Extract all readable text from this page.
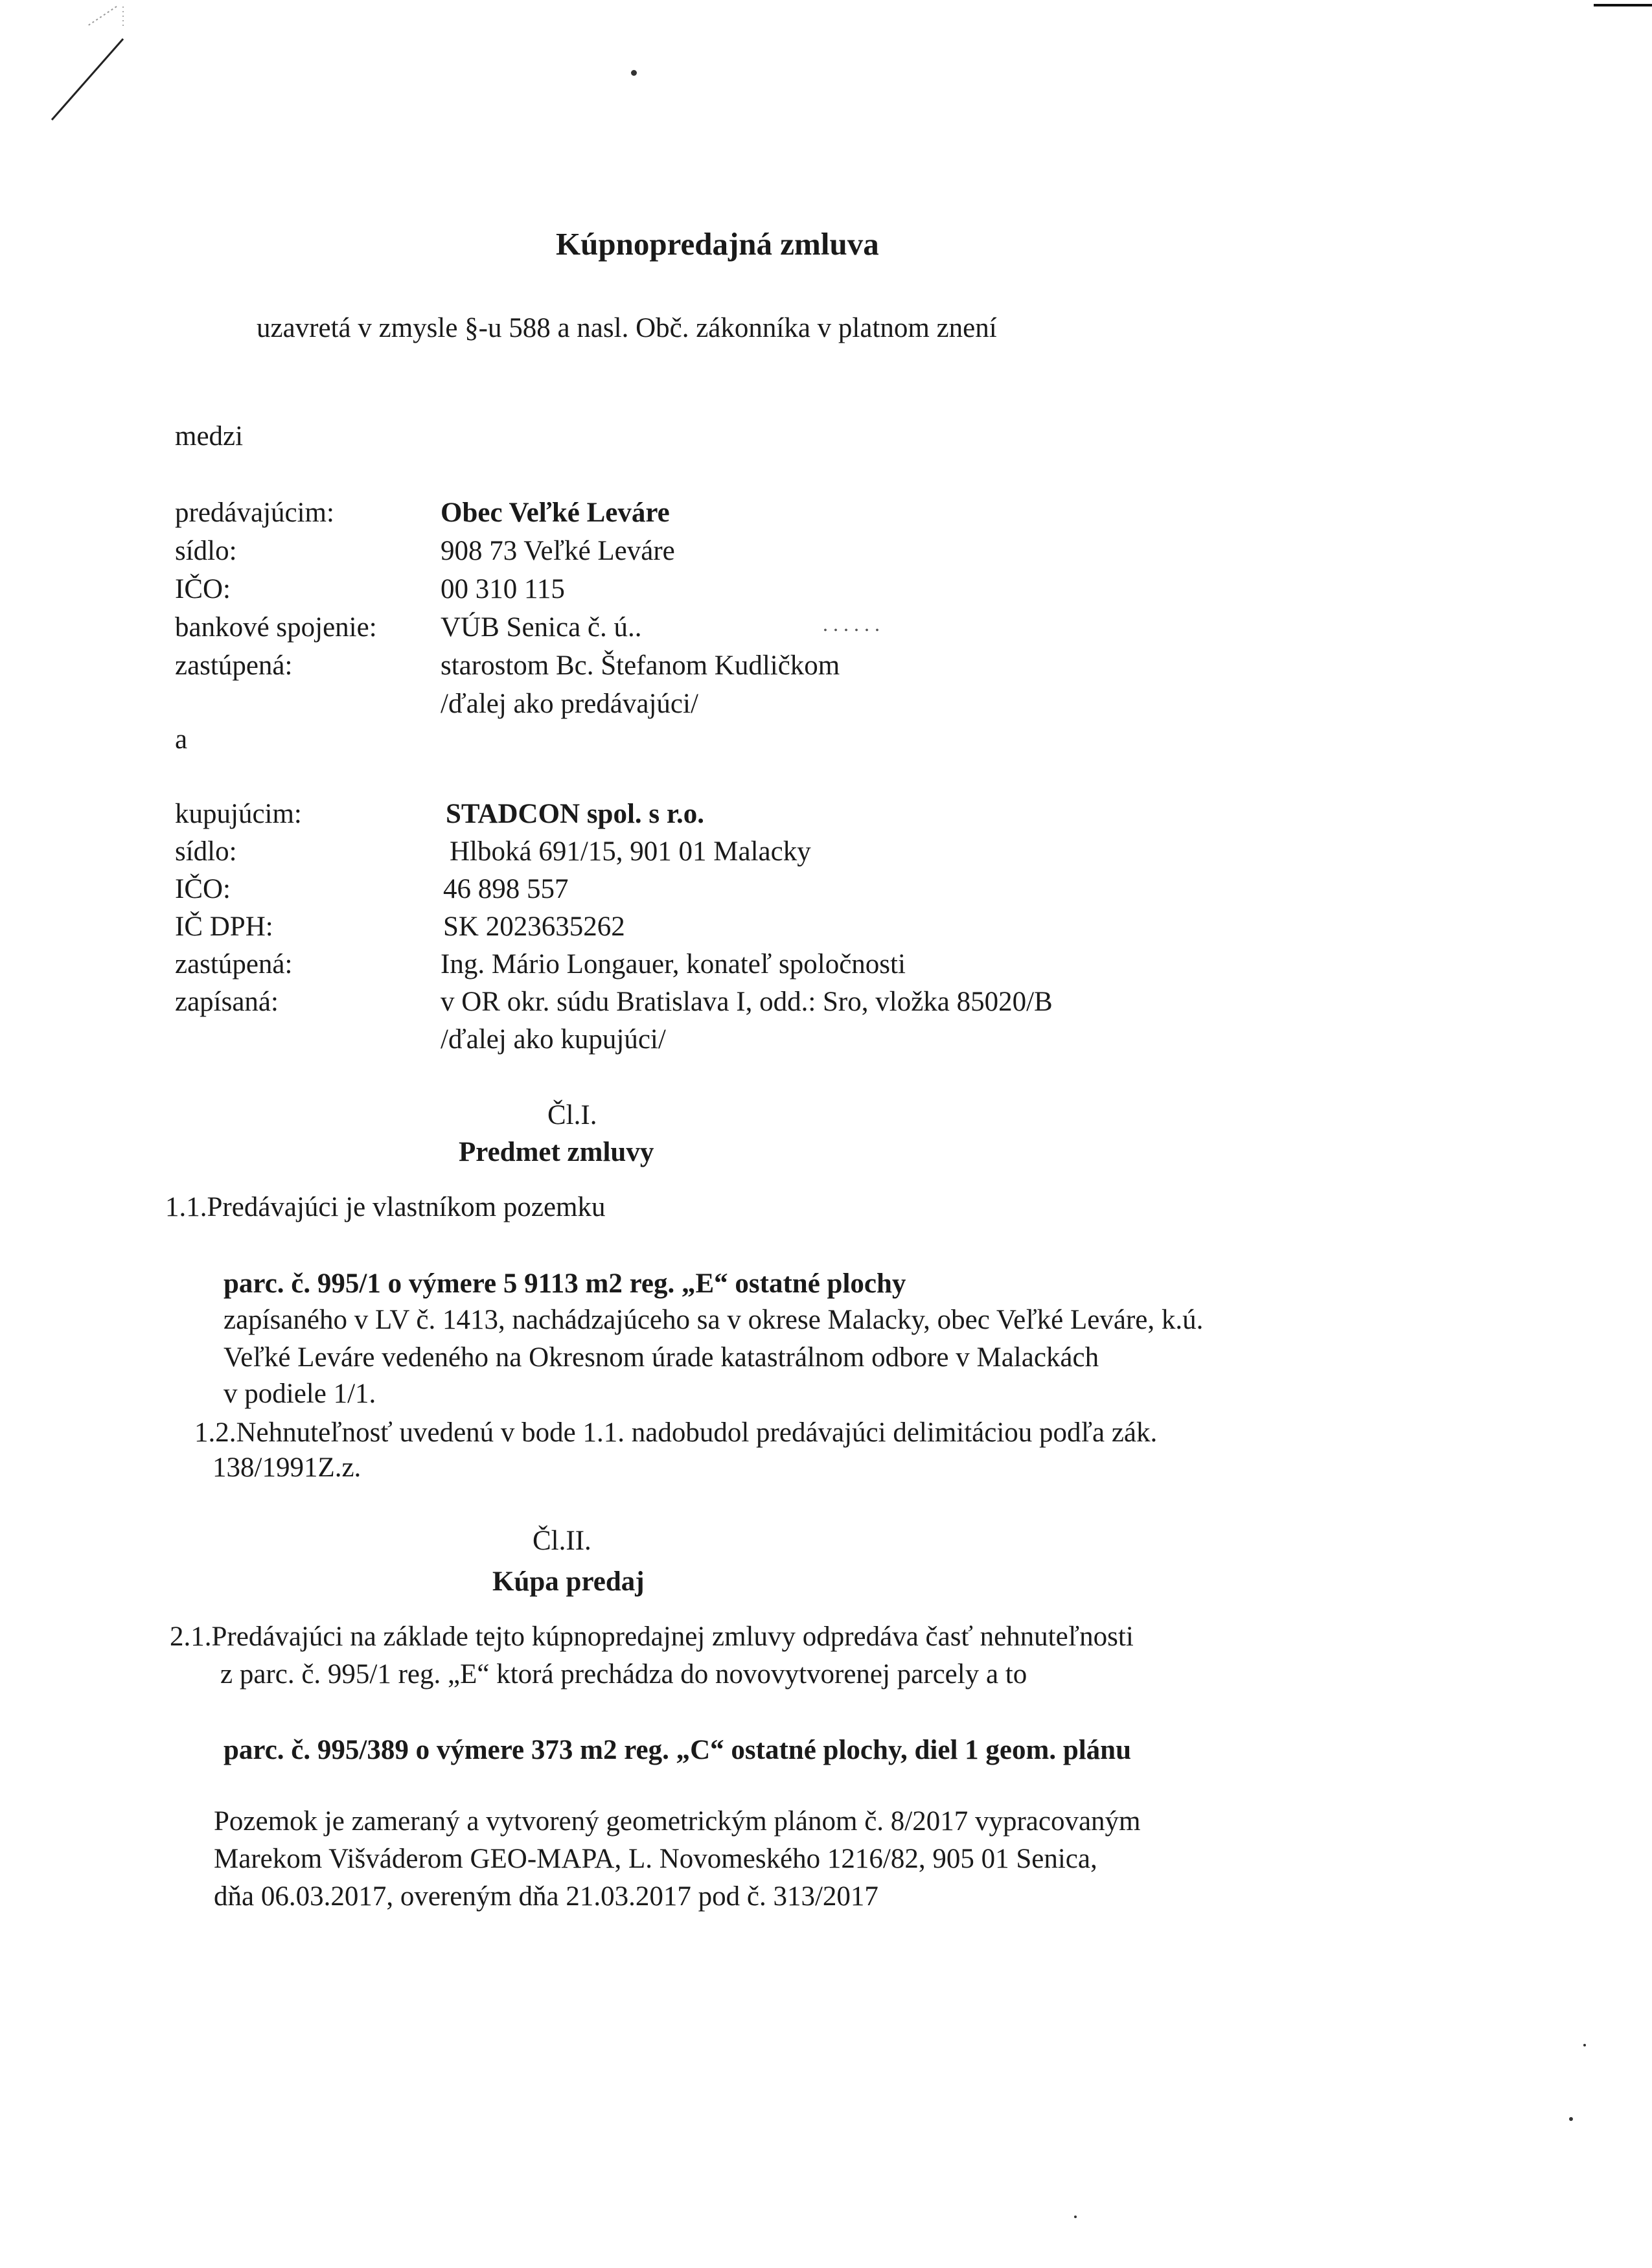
Kúpnopredajná zmluva
uzavretá v zmysle §-u 588 a nasl. Obč. zákonníka v platnom znení
medzi
predávajúcim:	Obec Veľké Leváre
sídlo:	908 73 Veľké Leváre
IČO:	00 310 115
bankové spojenie: VÚB Senica č. ú..	. . . . . .
zastúpená:	starostom Bc. Štefanom Kudličkom
/ďalej ako predávajúci/
a
kupujúcim:	STADCON spol. s r.o.
sídlo:	Hlboká 691/15, 901 01 Malacky
IČO:	46 898 557
IČ DPH:	SK 2023635262
zastúpená:	Ing. Mário Longauer, konateľ spoločnosti
zapísaná:	v OR okr. súdu Bratislava I, odd.: Sro, vložka 85020/B
/ďalej ako kupujúci/
Čl.I.
Predmet zmluvy
1.1.Predávajúci je vlastníkom pozemku
parc. č. 995/1 o výmere 5 9113 m2 reg. „E“ ostatné plochy
zapísaného v LV č. 1413, nachádzajúceho sa v okrese Malacky, obec Veľké Leváre, k.ú.
Veľké Leváre vedeného na Okresnom úrade katastrálnom odbore v Malackách
v podiele 1/1.
1.2.Nehnuteľnosť uvedenú v bode 1.1. nadobudol predávajúci delimitáciou podľa zák.
138/1991Z.z.
Čl.II.
Kúpa predaj
2.1.Predávajúci na základe tejto kúpnopredajnej zmluvy odpredáva časť nehnuteľnosti
z parc. č. 995/1 reg. „E“ ktorá prechádza do novovytvorenej parcely a to
parc. č. 995/389 o výmere 373 m2 reg. „C“ ostatné plochy, diel 1 geom. plánu
Pozemok je zameraný a vytvorený geometrickým plánom č. 8/2017 vypracovaným
Marekom Višváderom GEO-MAPA, L. Novomeského 1216/82, 905 01 Senica,
dňa 06.03.2017, overeným dňa 21.03.2017 pod č. 313/2017
